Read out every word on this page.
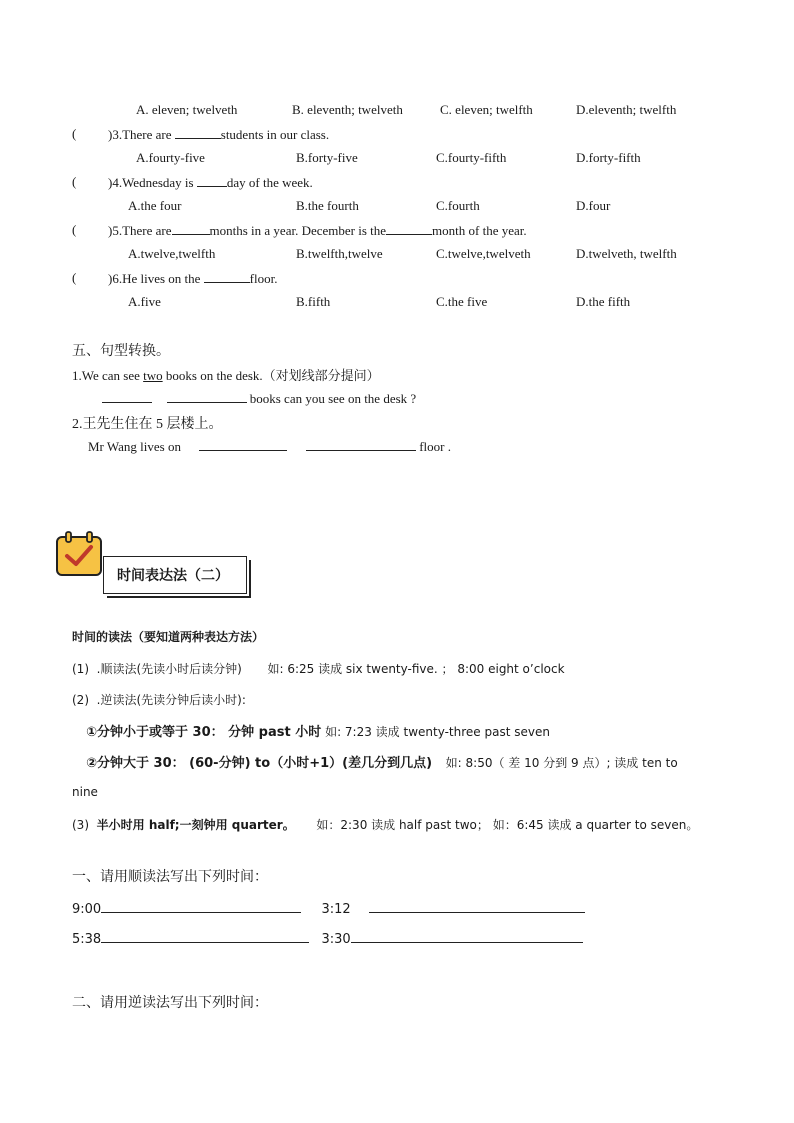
A. eleven; twelveth	B. eleventh; twelveth	C. eleven; twelfth	D.eleventh; twelfth
( )3.There are	students in our class.
A.fourty-five	B.forty-five	C.fourty-fifth	D.forty-fifth
( )4.Wednesday is	day of the week.
A.the four	B.the fourth	C.fourth	D.four
( )5.There are	months in a year. December is the	month of the year.
A.twelve,twelfth	B.twelfth,twelve	C.twelve,twelveth	D.twelveth, twelfth
( )6.He lives on the	floor.
A.five	B.fifth	C.the five	D.the fifth
五、句型转换。
1.We can see two books on the desk.（对划线部分提问）
books can you see on the desk ?
2.王先生住在 5 层楼上。
Mr Wang lives on	floor .
时间表达法（二）
时间的读法（要知道两种表达方法）
(1) .顺读法(先读小时后读分钟) 如: 6:25 读成 six twenty-five. ； 8:00 eight o’clock
(2) .逆读法(先读分钟后读小时):
①分钟小于或等于 30： 分钟 past 小时 如: 7:23 读成 twenty-three past seven
②分钟大于 30： (60-分钟) to（小时+1）(差几分到几点) 如: 8:50（ 差 10 分到 9 点）; 读成 ten to
nine
(3) 半小时用 half;一刻钟用 quarter。 如：2:30 读成 half past two； 如：6:45 读成 a quarter to seven。
一、请用顺读法写出下列时间：
9:00	3:12
5:38	3:30
二、请用逆读法写出下列时间：
